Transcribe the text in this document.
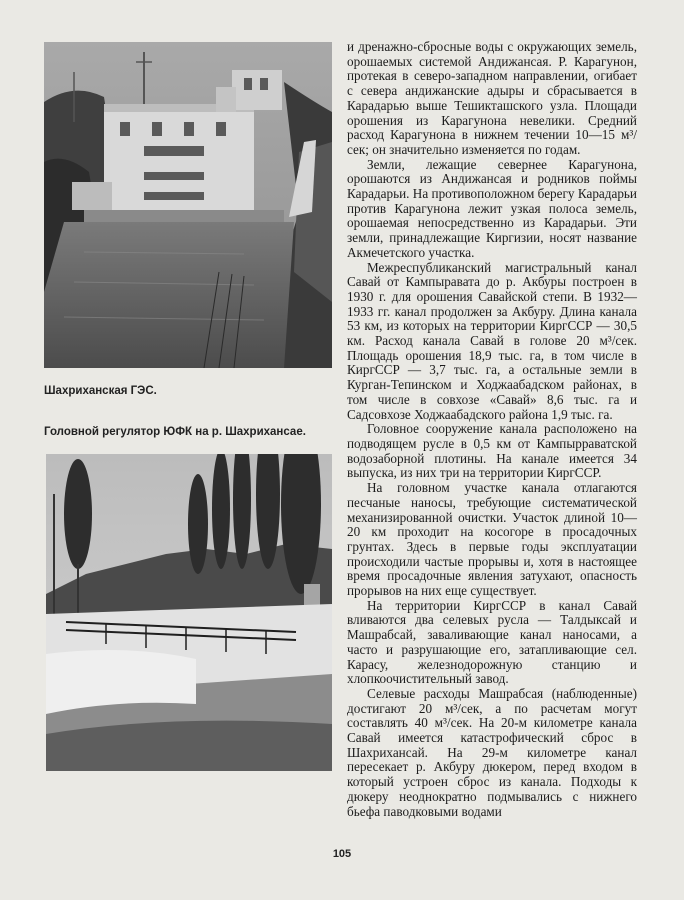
Шахриханская ГЭС.
Головной регулятор ЮФК на р. Шахрихансае.

и дренажно-сбросные воды с окружающих земель, орошаемых системой Андижансая. Р. Карагунон, протекая в северо-западном направлении, огибает с севера андижанские адыры и сбрасывается в Карадарью выше Тешикташского узла. Площади орошения из Карагунона невелики. Средний расход Карагунона в нижнем течении 10—15 м³/сек; он значительно изменяется по годам.

Земли, лежащие севернее Карагунона, орошаются из Андижансая и родников поймы Карадарьи. На противоположном берегу Карадарьи против Карагунона лежит узкая полоса земель, орошаемая непосредственно из Карадарьи. Эти земли, принадлежащие Киргизии, носят название Акмечетского участка.

Межреспубликанский магистральный канал Савай от Кампыравата до р. Акбуры построен в 1930 г. для орошения Савайской степи. В 1932—1933 гг. канал продолжен за Акбуру. Длина канала 53 км, из которых на территории КиргССР — 30,5 км. Расход канала Савай в голове 20 м³/сек. Площадь орошения 18,9 тыс. га, в том числе в КиргССР — 3,7 тыс. га, а остальные земли в Курган-Тепинском и Ходжаабадском районах, в том числе в совхозе «Савай» 8,6 тыс. га и Садсовхозе Ходжаабадского района 1,9 тыс. га.

Головное сооружение канала расположено на подводящем русле в 0,5 км от Кампырраватской водозаборной плотины. На канале имеется 34 выпуска, из них три на территории КиргССР.

На головном участке канала отлагаются песчаные наносы, требующие систематической механизированной очистки. Участок длиной 10—20 км проходит на косогоре в просадочных грунтах. Здесь в первые годы эксплуатации происходили частые прорывы и, хотя в настоящее время просадочные явления затухают, опасность прорывов на них еще существует.

На территории КиргССР в канал Савай вливаются два селевых русла — Талдыксай и Машрабсай, заваливающие канал наносами, а часто и разрушающие его, затапливающие сел. Карасу, железнодорожную станцию и хлопкоочистительный завод.

Селевые расходы Машрабсая (наблюденные) достигают 20 м³/сек, а по расчетам могут составлять 40 м³/сек. На 20-м километре канала Савай имеется катастрофический сброс в Шахрихансай. На 29-м километре канал пересекает р. Акбуру дюкером, перед входом в который устроен сброс из канала. Подходы к дюкеру неоднократно подмывались с нижнего бьефа паводковыми водами

105
